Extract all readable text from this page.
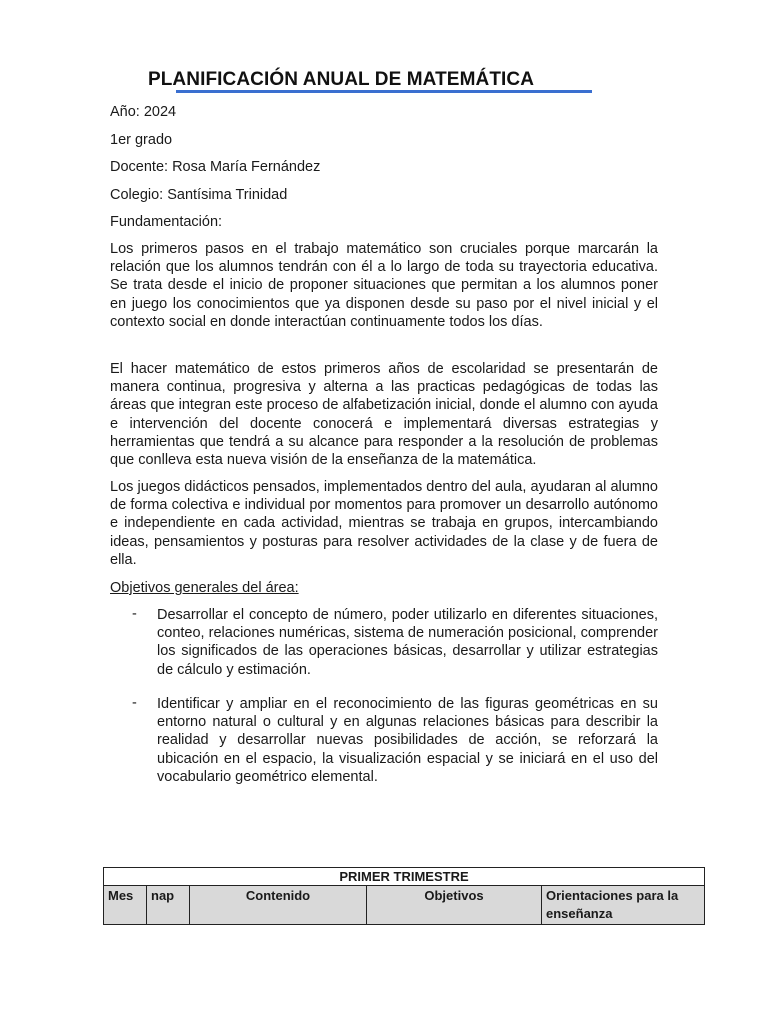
PLANIFICACIÓN ANUAL DE MATEMÁTICA
Año: 2024
1er grado
Docente: Rosa María Fernández
Colegio: Santísima Trinidad
Fundamentación:
Los primeros pasos en el trabajo matemático son cruciales porque marcarán la relación que los alumnos tendrán con él a lo largo de toda su trayectoria educativa. Se trata desde el inicio de proponer situaciones que permitan a los alumnos poner en juego los conocimientos que ya disponen desde su paso por el nivel inicial y el contexto social en donde interactúan continuamente todos los días.
El hacer matemático de estos primeros años de escolaridad se presentarán de manera continua, progresiva y alterna a las practicas pedagógicas de todas las áreas que integran este proceso de alfabetización inicial, donde el alumno con ayuda e intervención del docente conocerá e implementará diversas estrategias y herramientas que tendrá a su alcance para responder a la resolución de problemas que conlleva esta nueva visión de la enseñanza de la matemática.
Los juegos didácticos pensados, implementados dentro del aula, ayudaran al alumno de forma colectiva e individual por momentos para promover un desarrollo autónomo e independiente en cada actividad, mientras se trabaja en grupos, intercambiando ideas, pensamientos y posturas para resolver actividades de la clase y de fuera de ella.
Objetivos generales del área:
- Desarrollar el concepto de número, poder utilizarlo en diferentes situaciones, conteo, relaciones numéricas, sistema de numeración posicional, comprender los significados de las operaciones básicas, desarrollar y utilizar estrategias de cálculo y estimación.
- Identificar y ampliar en el reconocimiento de las figuras geométricas en su entorno natural o cultural y en algunas relaciones básicas para describir la realidad y desarrollar nuevas posibilidades de acción, se reforzará la ubicación en el espacio, la visualización espacial y se iniciará en el uso del vocabulario geométrico elemental.
PRIMER TRIMESTRE
Mes	nap	Contenido	Objetivos	Orientaciones para la enseñanza
